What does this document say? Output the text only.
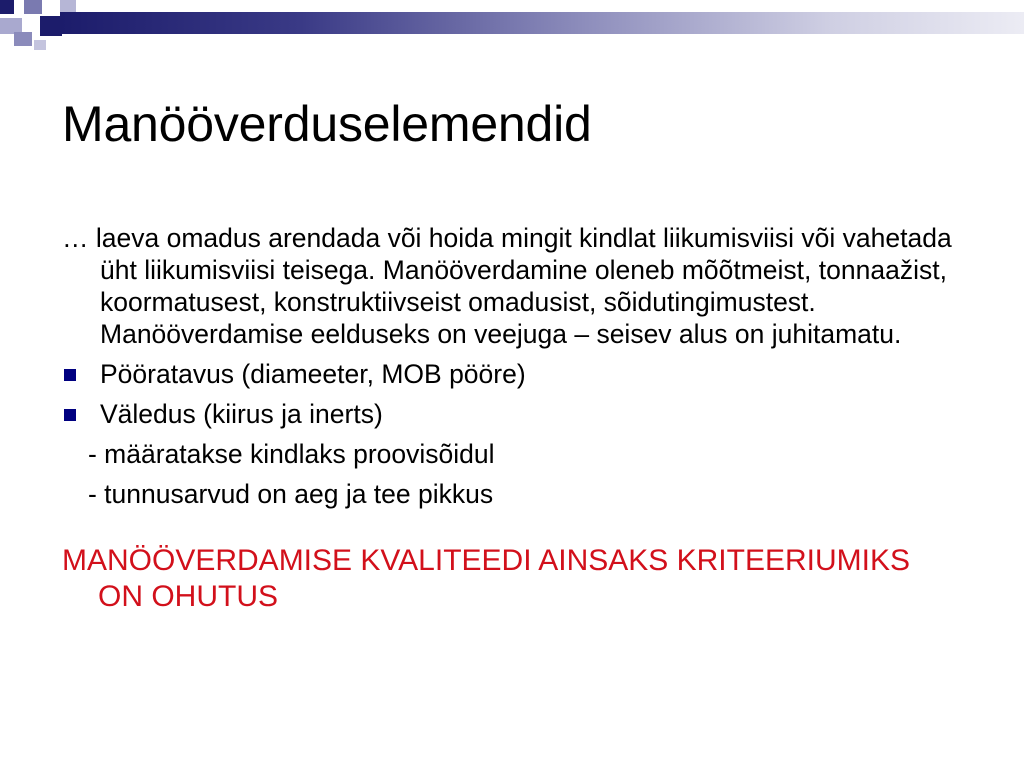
Manööverduselemendid

… laeva omadus arendada või hoida mingit kindlat liikumisviisi või vahetada üht liikumisviisi teisega. Manööverdamine oleneb mõõtmeist, tonnaažist, koormatusest, konstruktiivseist omadusist, sõidutingimustest. Manööverdamise eelduseks on veejuga – seisev alus on juhitamatu.

Pööratavus (diameeter, MOB pööre)
Väledus (kiirus ja inerts)

- määratakse kindlaks proovisõidul

- tunnusarvud on aeg ja tee pikkus

MANÖÖVERDAMISE KVALITEEDI AINSAKS KRITEERIUMIKS ON OHUTUS
